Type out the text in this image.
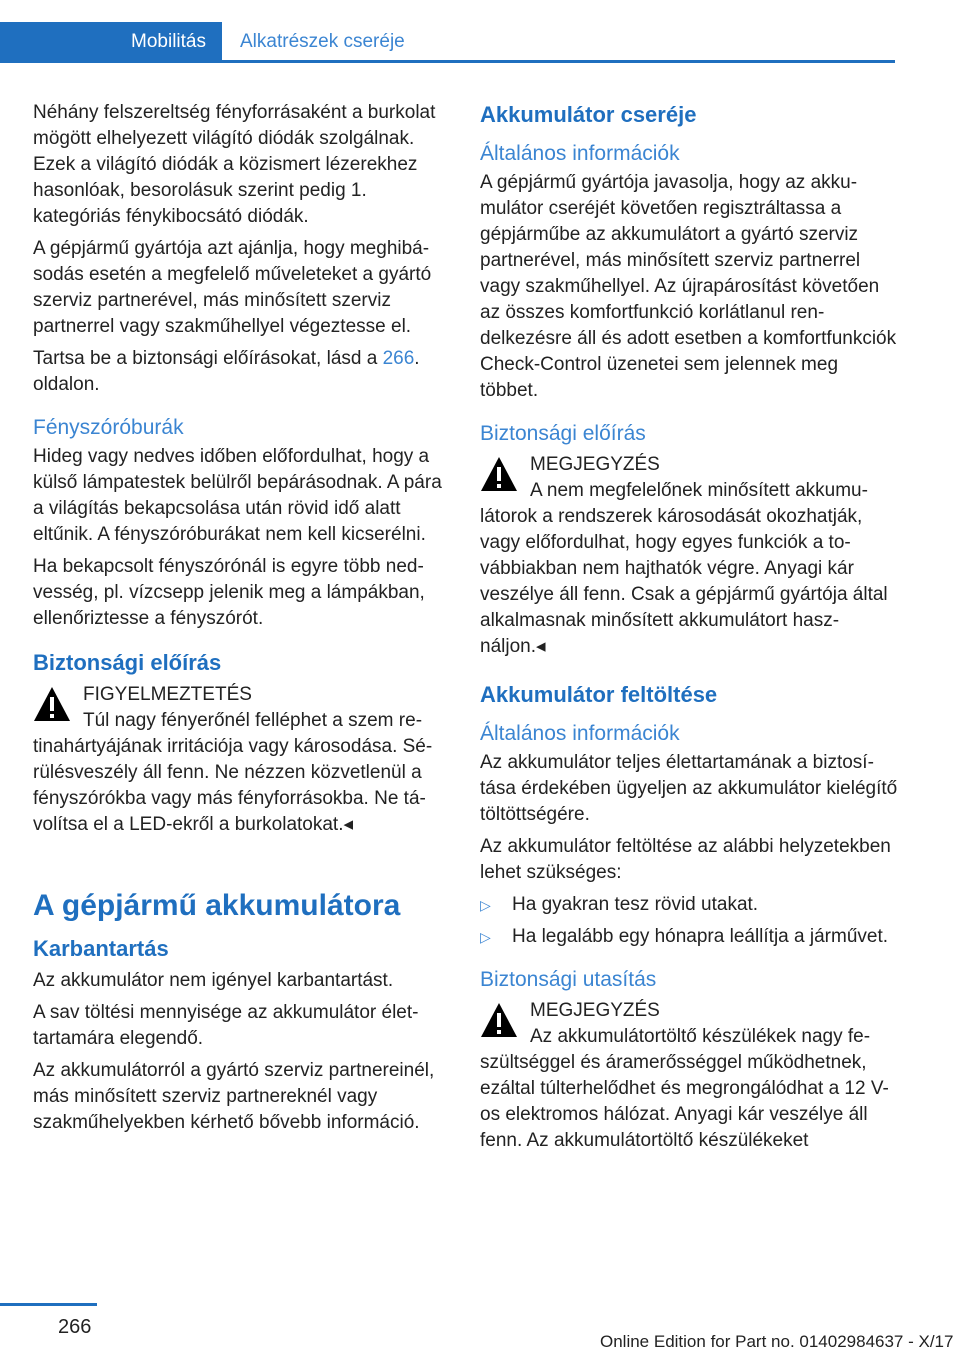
Mobilitás	Alkatrészek cseréje

Néhány felszereltség fényforrásaként a burkolat mögött elhelyezett világító diódák szolgálnak. Ezek a világító diódák a közismert lézerekhez hasonlóak, besorolásuk szerint pedig 1. kategóriás fénykibocsátó diódák.

A gépjármű gyártója azt ajánlja, hogy meghibásodás esetén a megfelelő műveleteket a gyártó szerviz partnerével, más minősített szerviz partnerrel vagy szakműhellyel végeztesse el.

Tartsa be a biztonsági előírásokat, lásd a 266. oldalon.

Fényszóróburák

Hideg vagy nedves időben előfordulhat, hogy a külső lámpatestek belülről bepárásodnak. A pára a világítás bekapcsolása után rövid idő alatt eltűnik. A fényszóróburákat nem kell kicserélni.

Ha bekapcsolt fényszórónál is egyre több nedvesség, pl. vízcsepp jelenik meg a lámpákban, ellenőriztesse a fényszórót.

Biztonsági előírás
FIGYELMEZTETÉS
Túl nagy fényerőnél felléphet a szem retinahártyájának irritációja vagy károsodása. Sérülésveszély áll fenn. Ne nézzen közvetlenül a fényszórókba vagy más fényforrásokba. Ne távolítsa el a LED-ekről a burkolatokat.◂
A gépjármű akkumulátora
Karbantartás

Az akkumulátor nem igényel karbantartást.

A sav töltési mennyisége az akkumulátor élettartamára elegendő.

Az akkumulátorról a gyártó szerviz partnereinél, más minősített szerviz partnereknél vagy szakműhelyekben kérhető bővebb információ.

Akkumulátor cseréje
Általános információk

A gépjármű gyártója javasolja, hogy az akkumulátor cseréjét követően regisztráltassa a gépjárműbe az akkumulátort a gyártó szerviz partnerével, más minősített szerviz partnerrel vagy szakműhellyel. Az újrapárosítást követően az összes komfortfunkció korlátlanul rendelkezésre áll és adott esetben a komfortfunkciók Check-Control üzenetei sem jelennek meg többet.

Biztonsági előírás
MEGJEGYZÉS
A nem megfelelőnek minősített akkumulátorok a rendszerek károsodását okozhatják, vagy előfordulhat, hogy egyes funkciók a továbbiakban nem hajthatók végre. Anyagi kár veszélye áll fenn. Csak a gépjármű gyártója által alkalmasnak minősített akkumulátort használjon.◂
Akkumulátor feltöltése
Általános információk

Az akkumulátor teljes élettartamának a biztosítása érdekében ügyeljen az akkumulátor kielégítő töltöttségére.

Az akkumulátor feltöltése az alábbi helyzetekben lehet szükséges:

▷ Ha gyakran tesz rövid utakat.
▷ Ha legalább egy hónapra leállítja a járművet.
Biztonsági utasítás
MEGJEGYZÉS
Az akkumulátortöltő készülékek nagy feszültséggel és áramerősséggel működhetnek, ezáltal túlterhelődhet és megrongálódhat a 12 V-os elektromos hálózat. Anyagi kár veszélye áll fenn. Az akkumulátortöltő készülékeket
266
Online Edition for Part no. 01402984637 - X/17
